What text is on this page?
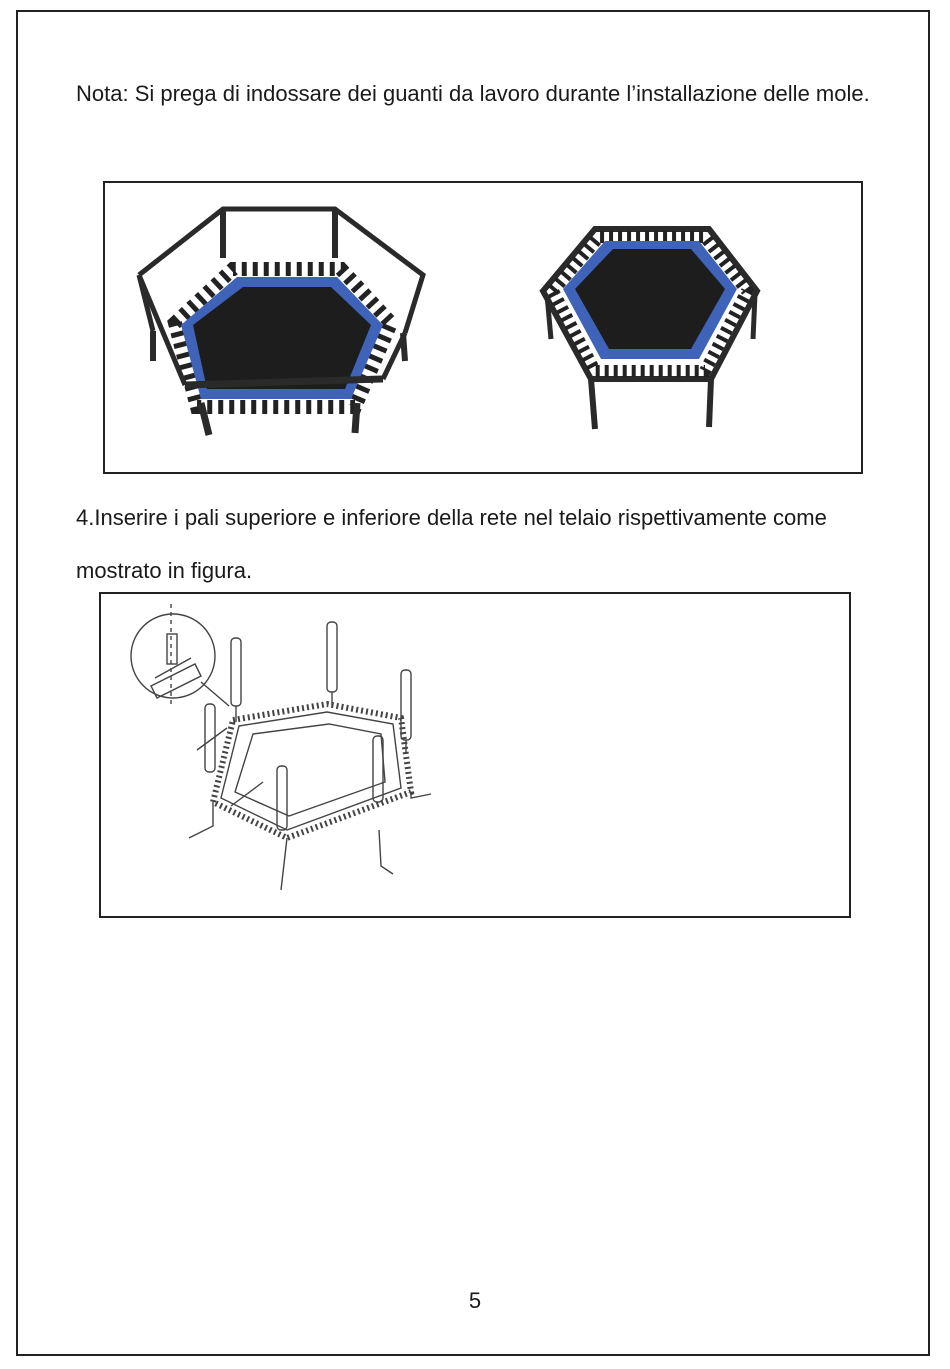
Nota: Si prega di indossare dei guanti da lavoro durante l’installazione delle mole.

4.Inserire i pali superiore e inferiore della rete nel telaio rispettivamente come mostrato in figura.

5
